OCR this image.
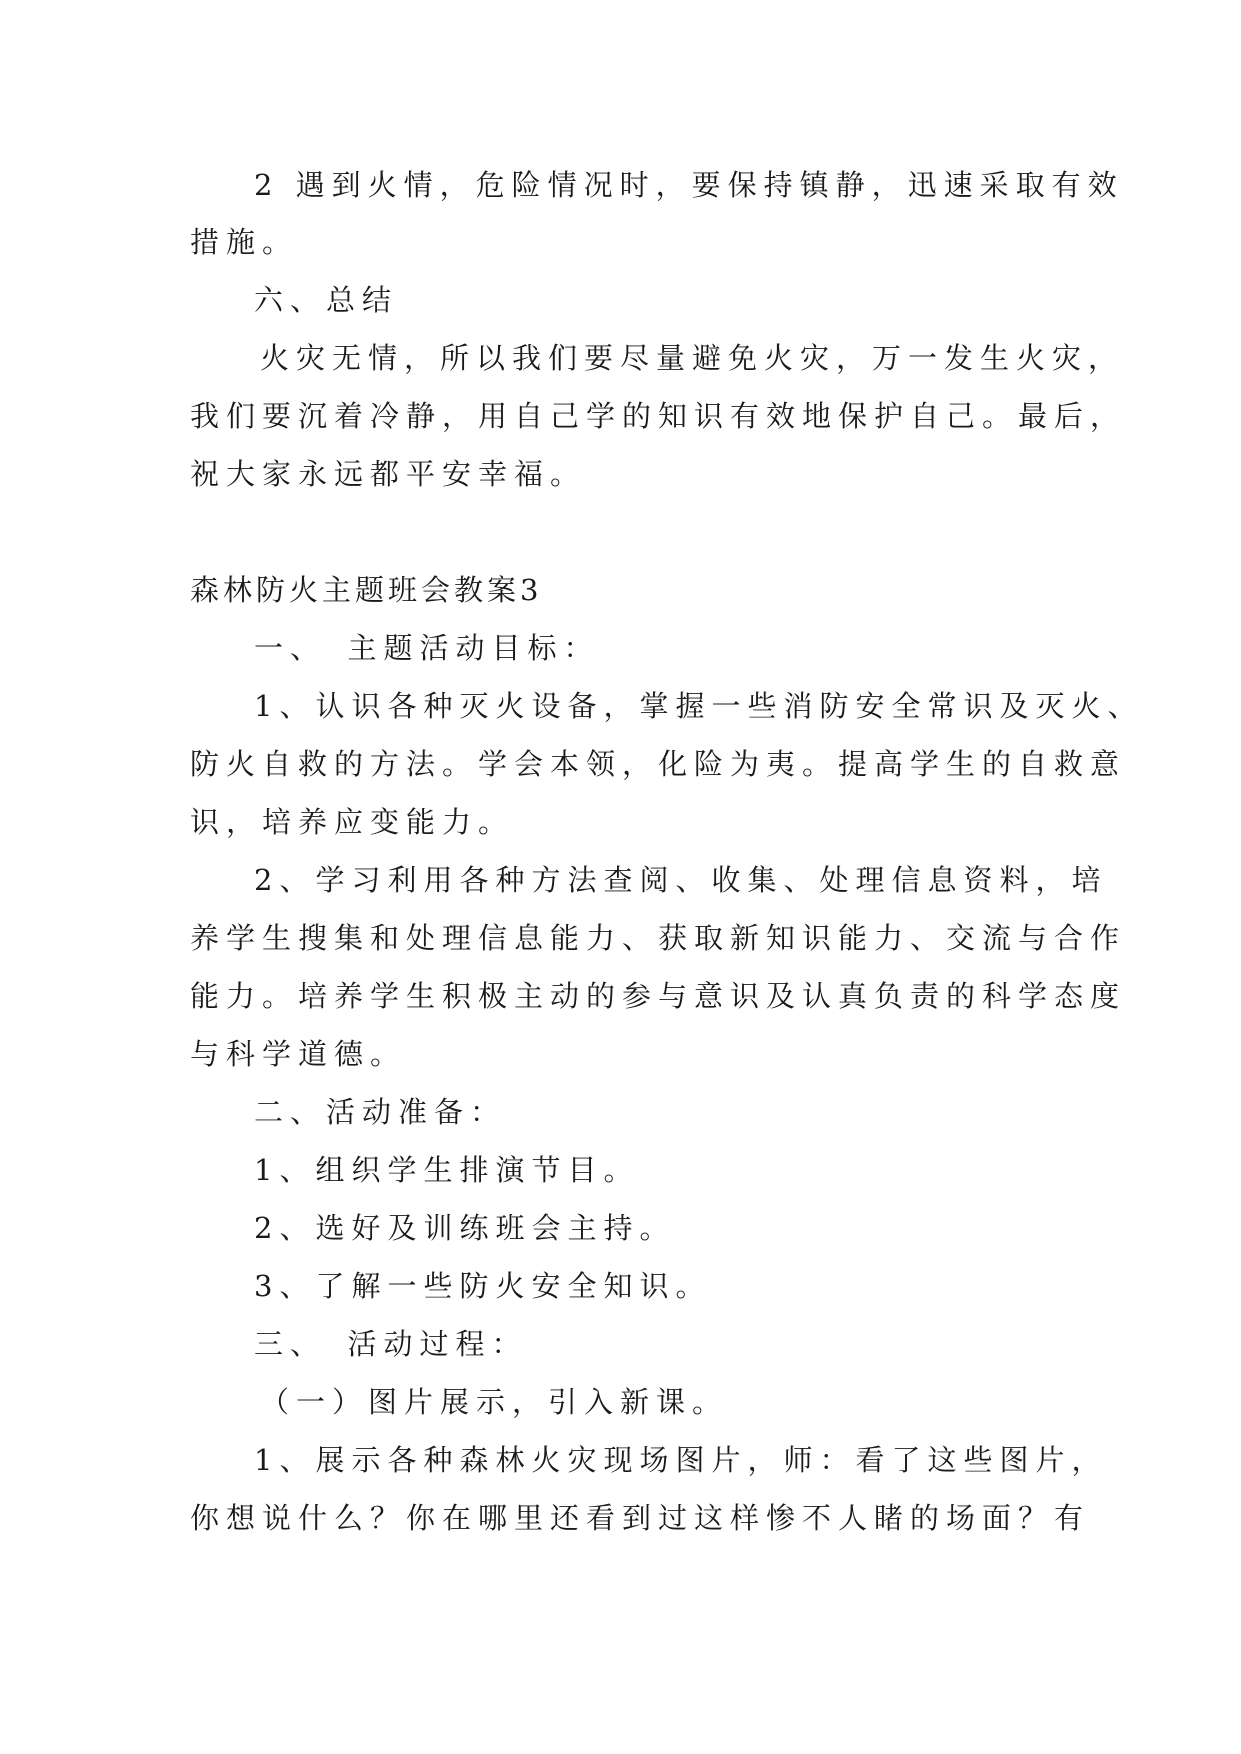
2 遇到火情，危险情况时，要保持镇静，迅速采取有效
措施。
六、总结
火灾无情，所以我们要尽量避免火灾，万一发生火灾，
我们要沉着冷静，用自己学的知识有效地保护自己。最后，
祝大家永远都平安幸福。
森林防火主题班会教案3
一、　主题活动目标：
1、认识各种灭火设备，掌握一些消防安全常识及灭火、
防火自救的方法。学会本领，化险为夷。提高学生的自救意
识，培养应变能力。
2、学习利用各种方法查阅、收集、处理信息资料，培
养学生搜集和处理信息能力、获取新知识能力、交流与合作
能力。培养学生积极主动的参与意识及认真负责的科学态度
与科学道德。
二、活动准备：
1、组织学生排演节目。
2、选好及训练班会主持。
3、了解一些防火安全知识。
三、　活动过程：
（一）图片展示，引入新课。
1、展示各种森林火灾现场图片，师：看了这些图片，
你想说什么？你在哪里还看到过这样惨不人睹的场面？有
